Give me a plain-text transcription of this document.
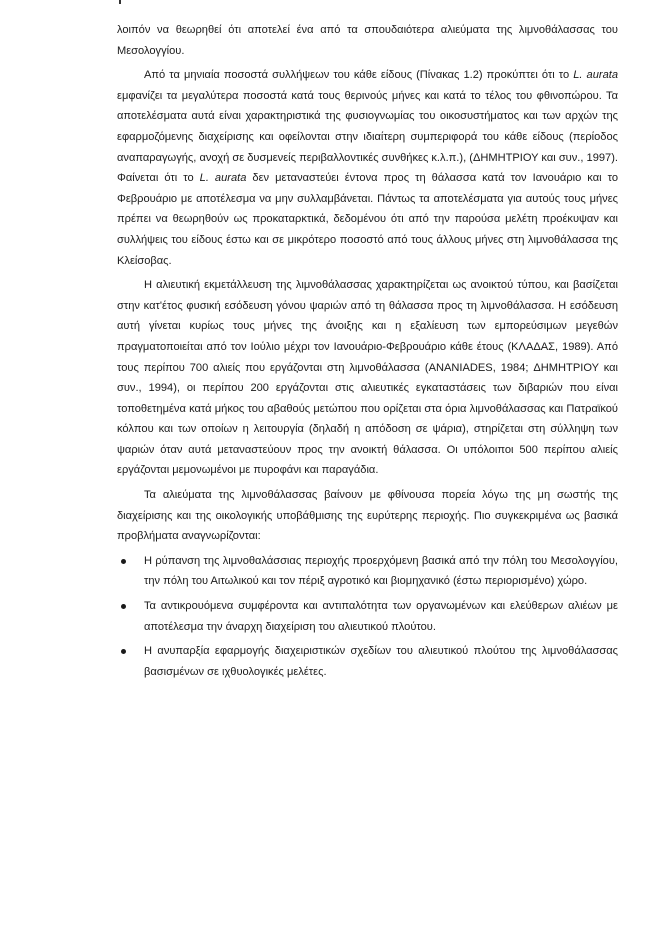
λοιπόν να θεωρηθεί ότι αποτελεί ένα από τα σπουδαιότερα αλιεύματα της λιμνοθάλασσας του Μεσολογγίου.

Από τα μηνιαία ποσοστά συλλήψεων του κάθε είδους (Πίνακας 1.2) προκύπτει ότι το L. aurata εμφανίζει τα μεγαλύτερα ποσοστά κατά τους θερινούς μήνες και κατά το τέλος του φθινοπώρου. Τα αποτελέσματα αυτά είναι χαρακτηριστικά της φυσιογνωμίας του οικοσυστήματος και των αρχών της εφαρμοζόμενης διαχείρισης και οφείλονται στην ιδιαίτερη συμπεριφορά του κάθε είδους (περίοδος αναπαραγωγής, ανοχή σε δυσμενείς περιβαλλοντικές συνθήκες κ.λ.π.), (ΔΗΜΗΤΡΙΟΥ και συν., 1997). Φαίνεται ότι το L. aurata δεν μεταναστεύει έντονα προς τη θάλασσα κατά τον Ιανουάριο και το Φεβρουάριο με αποτέλεσμα να μην συλλαμβάνεται. Πάντως τα αποτελέσματα για αυτούς τους μήνες πρέπει να θεωρηθούν ως προκαταρκτικά, δεδομένου ότι από την παρούσα μελέτη προέκυψαν και συλλήψεις του είδους έστω και σε μικρότερο ποσοστό από τους άλλους μήνες στη λιμνοθάλασσα της Κλείσοβας.

Η αλιευτική εκμετάλλευση της λιμνοθάλασσας χαρακτηρίζεται ως ανοικτού τύπου, και βασίζεται στην κατ'έτος φυσική εσόδευση γόνου ψαριών από τη θάλασσα προς τη λιμνοθάλασσα. Η εσόδευση αυτή γίνεται κυρίως τους μήνες της άνοιξης και η εξαλίευση των εμπορεύσιμων μεγεθών πραγματοποιείται από τον Ιούλιο μέχρι τον Ιανουάριο-Φεβρουάριο κάθε έτους (ΚΛΑΔΑΣ, 1989). Από τους περίπου 700 αλιείς που εργάζονται στη λιμνοθάλασσα (ANANIADES, 1984; ΔΗΜΗΤΡΙΟΥ και συν., 1994), οι περίπου 200 εργάζονται στις αλιευτικές εγκαταστάσεις των διβαριών που είναι τοποθετημένα κατά μήκος του αβαθούς μετώπου που ορίζεται στα όρια λιμνοθάλασσας και Πατραϊκού κόλπου και των οποίων η λειτουργία (δηλαδή η απόδοση σε ψάρια), στηρίζεται στη σύλληψη των ψαριών όταν αυτά μεταναστεύουν προς την ανοικτή θάλασσα. Οι υπόλοιποι 500 περίπου αλιείς εργάζονται μεμονωμένοι με πυροφάνι και παραγάδια.

Τα αλιεύματα της λιμνοθάλασσας βαίνουν με φθίνουσα πορεία λόγω της μη σωστής της διαχείρισης και της οικολογικής υποβάθμισης της ευρύτερης περιοχής. Πιο συγκεκριμένα ως βασικά προβλήματα αναγνωρίζονται:

Η ρύπανση της λιμνοθαλάσσιας περιοχής προερχόμενη βασικά από την πόλη του Μεσολογγίου, την πόλη του Αιτωλικού και τον πέριξ αγροτικό και βιομηχανικό (έστω περιορισμένο) χώρο.
Τα αντικρουόμενα συμφέροντα και αντιπαλότητα των οργανωμένων και ελεύθερων αλιέων με αποτέλεσμα την άναρχη διαχείριση του αλιευτικού πλούτου.
Η ανυπαρξία εφαρμογής διαχειριστικών σχεδίων του αλιευτικού πλούτου της λιμνοθάλασσας βασισμένων σε ιχθυολογικές μελέτες.
